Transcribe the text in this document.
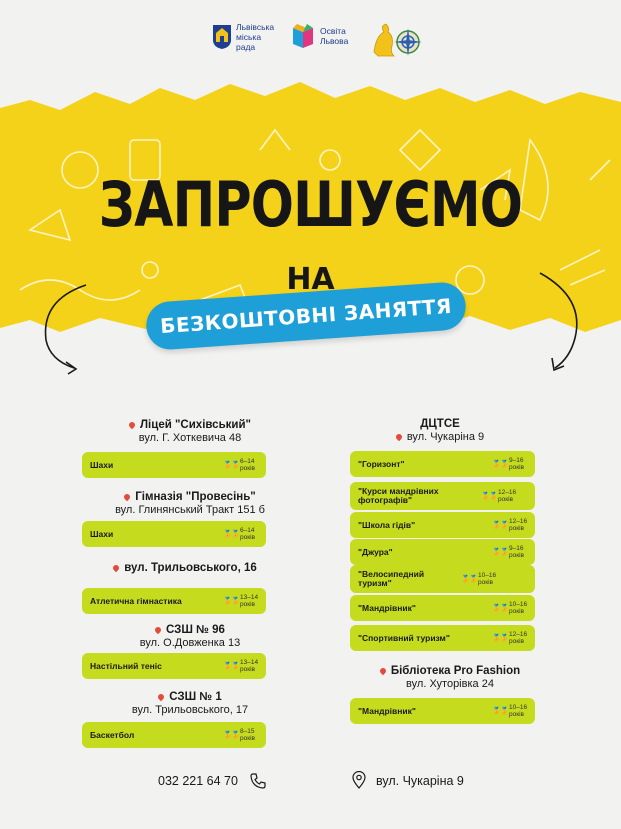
Львівська
міська
рада
Освіта
Львова
ЗАПРОШУЄМО
НА
БЕЗКОШТОВНІ ЗАНЯТТЯ
Ліцей "Сихівський"
вул. Г. Хоткевича 48
Шахи	🏅🏅
6–14
років
Гімназія "Провесінь"
вул. Глинянський Тракт 151 б
Шахи	🏅🏅
6–14
років
вул. Трильовського, 16
Атлетична гімнастика	🏅🏅
13–14
років
СЗШ № 96
вул. О.Довженка 13
Настільний теніс	🏅🏅
13–14
років
СЗШ № 1
вул. Трильовського, 17
Баскетбол	🏅🏅
8–15
років
ДЦТСЕ
вул. Чукаріна 9
"Горизонт"	🏅🏅
9–16
років
"Курси мандрівних фотографів"	🏅🏅
12–16
років
"Школа гідів"	🏅🏅
12–16
років
"Джура"	🏅🏅
9–16
років
"Велосипедний туризм"	🏅🏅
10–16
років
"Мандрівник"	🏅🏅
10–16
років
"Спортивний туризм"	🏅🏅
12–16
років
Бібліотека Pro Fashion
вул. Хуторівка 24
"Мандрівник"	🏅🏅
10–16
років
032 221 64 70	вул. Чукаріна 9
